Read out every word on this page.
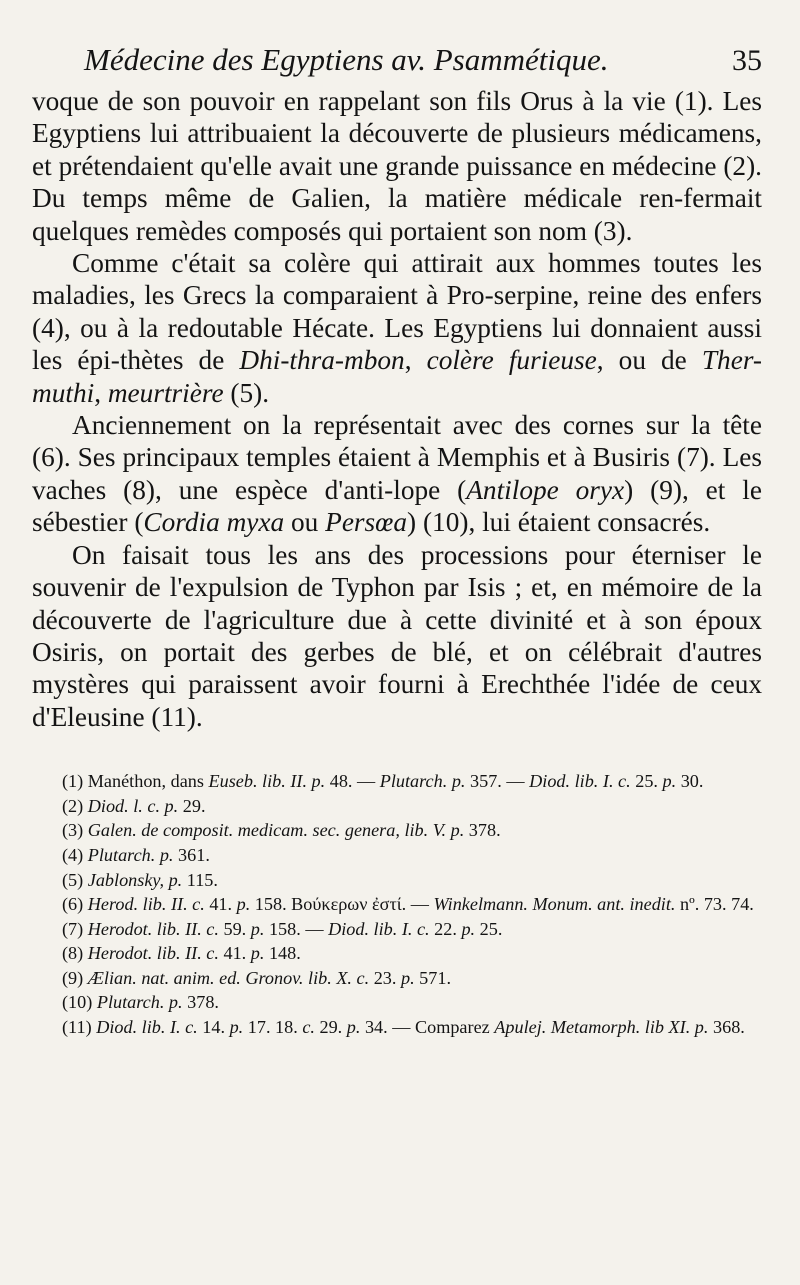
Médecine des Egyptiens av. Psammétique.	35

voque de son pouvoir en rappelant son fils Orus à la vie (1). Les Egyptiens lui attribuaient la découverte de plusieurs médicamens, et prétendaient qu'elle avait une grande puissance en médecine (2). Du temps même de Galien, la matière médicale ren-fermait quelques remèdes composés qui portaient son nom (3).

Comme c'était sa colère qui attirait aux hommes toutes les maladies, les Grecs la comparaient à Pro-serpine, reine des enfers (4), ou à la redoutable Hécate. Les Egyptiens lui donnaient aussi les épi-thètes de Dhi-thra-mbon, colère furieuse, ou de Ther-muthi, meurtrière (5).

Anciennement on la représentait avec des cornes sur la tête (6). Ses principaux temples étaient à Memphis et à Busiris (7). Les vaches (8), une espèce d'anti-lope (Antilope oryx) (9), et le sébestier (Cordia myxa ou Persœa) (10), lui étaient consacrés.

On faisait tous les ans des processions pour éterniser le souvenir de l'expulsion de Typhon par Isis ; et, en mémoire de la découverte de l'agriculture due à cette divinité et à son époux Osiris, on portait des gerbes de blé, et on célébrait d'autres mystères qui paraissent avoir fourni à Erechthée l'idée de ceux d'Eleusine (11).

(1) Manéthon, dans Euseb. lib. II. p. 48. — Plutarch. p. 357. — Diod. lib. I. c. 25. p. 30.
(2) Diod. l. c. p. 29.
(3) Galen. de composit. medicam. sec. genera, lib. V. p. 378.
(4) Plutarch. p. 361.
(5) Jablonsky, p. 115.
(6) Herod. lib. II. c. 41. p. 158. Βούκερων ἐστί. — Winkelmann. Monum. ant. inedit. nº. 73. 74.
(7) Herodot. lib. II. c. 59. p. 158. — Diod. lib. I. c. 22. p. 25.
(8) Herodot. lib. II. c. 41. p. 148.
(9) Ælian. nat. anim. ed. Gronov. lib. X. c. 23. p. 571.
(10) Plutarch. p. 378.
(11) Diod. lib. I. c. 14. p. 17. 18. c. 29. p. 34. — Comparez Apulej. Metamorph. lib XI. p. 368.
